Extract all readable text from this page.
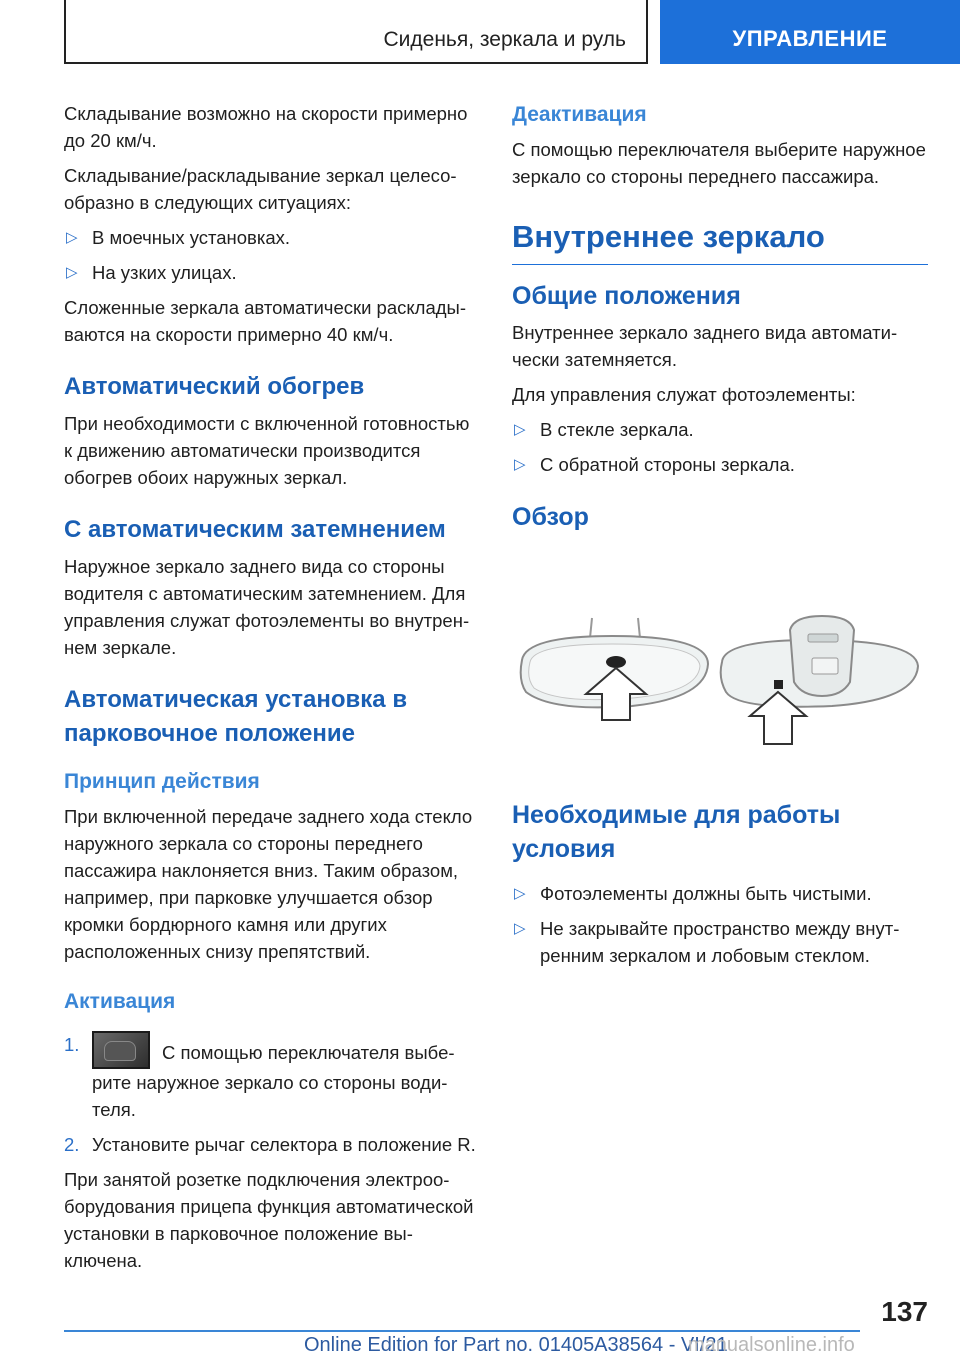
Сиденья, зеркала и руль	УПРАВЛЕНИЕ

Складывание возможно на скорости примерно до 20 км/ч.

Складывание/раскладывание зеркал целесообразно в следующих ситуациях:

▷ В моечных установках.
▷ На узких улицах.

Сложенные зеркала автоматически раскладываются на скорости примерно 40 км/ч.

Автоматический обогрев

При необходимости с включенной готовностью к движению автоматически производится обогрев обоих наружных зеркал.

С автоматическим затемнением

Наружное зеркало заднего вида со стороны водителя с автоматическим затемнением. Для управления служат фотоэлементы во внутреннем зеркале.

Автоматическая установка в парковочное положение
Принцип действия

При включенной передаче заднего хода стекло наружного зеркала со стороны переднего пассажира наклоняется вниз. Таким образом, например, при парковке улучшается обзор кромки бордюрного камня или других расположенных снизу препятствий.

Активация
1.	С помощью переключателя выберите наружное зеркало со стороны водителя.
2. Установите рычаг селектора в положение R.

При занятой розетке подключения электрооборудования прицепа функция автоматической установки в парковочное положение выключена.

Деактивация

С помощью переключателя выберите наружное зеркало со стороны переднего пассажира.

Внутреннее зеркало
Общие положения

Внутреннее зеркало заднего вида автоматически затемняется.

Для управления служат фотоэлементы:

▷ В стекле зеркала.
▷ С обратной стороны зеркала.
Обзор
Необходимые для работы условия
▷ Фотоэлементы должны быть чистыми.
▷ Не закрывайте пространство между внутренним зеркалом и лобовым стеклом.
137
Online Edition for Part no. 01405A38564 - VI/21
manualsonline.info
